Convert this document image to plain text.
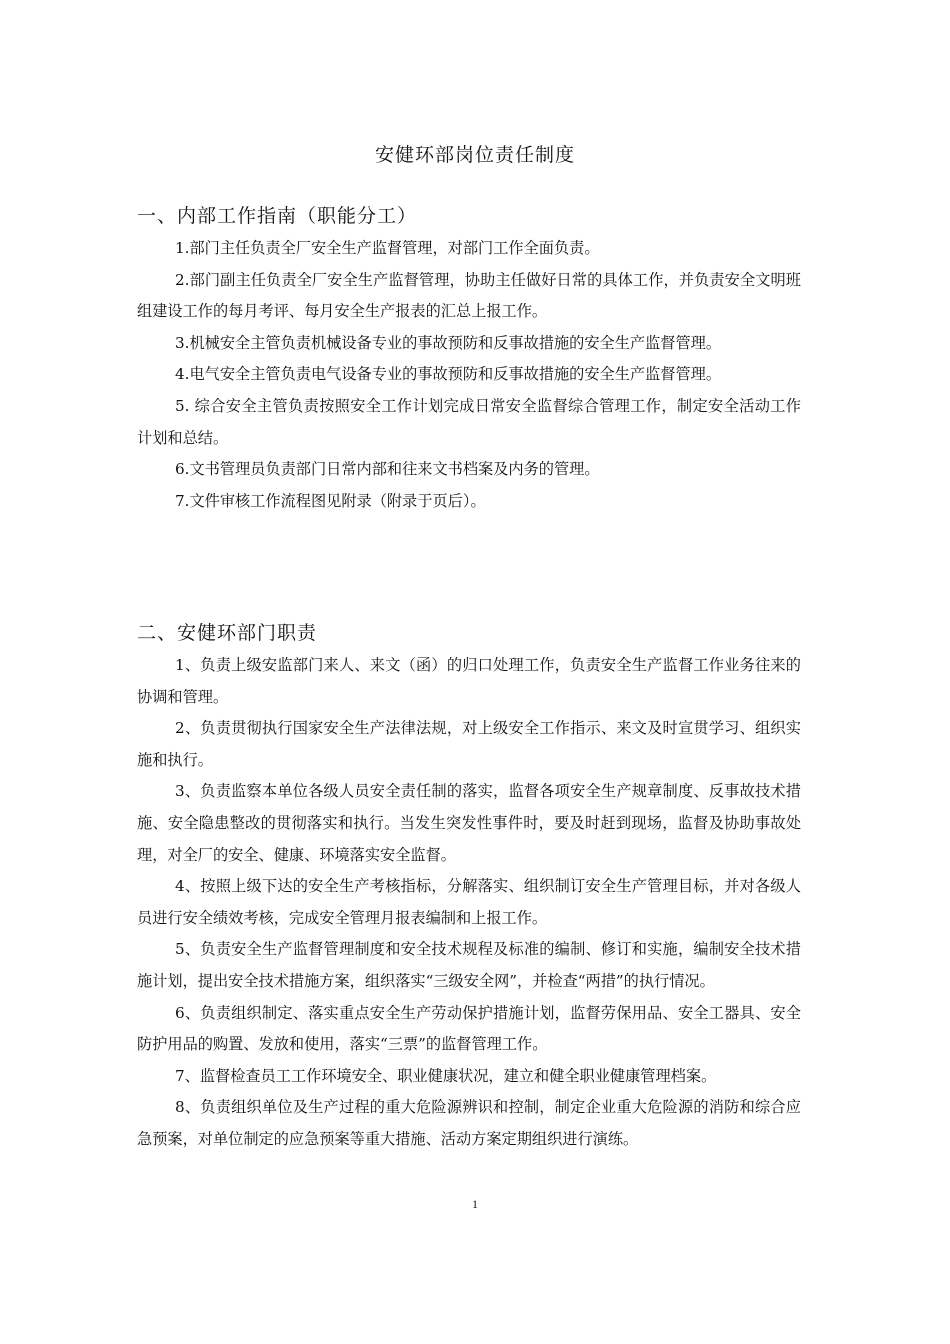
安健环部岗位责任制度
一、内部工作指南（职能分工）

1.部门主任负责全厂安全生产监督管理，对部门工作全面负责。

2.部门副主任负责全厂安全生产监督管理，协助主任做好日常的具体工作，并负责安全文明班组建设工作的每月考评、每月安全生产报表的汇总上报工作。

3.机械安全主管负责机械设备专业的事故预防和反事故措施的安全生产监督管理。

4.电气安全主管负责电气设备专业的事故预防和反事故措施的安全生产监督管理。

5. 综合安全主管负责按照安全工作计划完成日常安全监督综合管理工作，制定安全活动工作计划和总结。

6.文书管理员负责部门日常内部和往来文书档案及内务的管理。

7.文件审核工作流程图见附录（附录于页后）。

二、安健环部门职责

1、负责上级安监部门来人、来文（函）的归口处理工作，负责安全生产监督工作业务往来的协调和管理。

2、负责贯彻执行国家安全生产法律法规，对上级安全工作指示、来文及时宣贯学习、组织实施和执行。

3、负责监察本单位各级人员安全责任制的落实，监督各项安全生产规章制度、反事故技术措施、安全隐患整改的贯彻落实和执行。当发生突发性事件时，要及时赶到现场，监督及协助事故处理，对全厂的安全、健康、环境落实安全监督。

4、按照上级下达的安全生产考核指标，分解落实、组织制订安全生产管理目标，并对各级人员进行安全绩效考核，完成安全管理月报表编制和上报工作。

5、负责安全生产监督管理制度和安全技术规程及标准的编制、修订和实施，编制安全技术措施计划，提出安全技术措施方案，组织落实“三级安全网”，并检查“两措”的执行情况。

6、负责组织制定、落实重点安全生产劳动保护措施计划，监督劳保用品、安全工器具、安全防护用品的购置、发放和使用，落实“三票”的监督管理工作。

7、监督检查员工工作环境安全、职业健康状况，建立和健全职业健康管理档案。

8、负责组织单位及生产过程的重大危险源辨识和控制，制定企业重大危险源的消防和综合应急预案，对单位制定的应急预案等重大措施、活动方案定期组织进行演练。

1
